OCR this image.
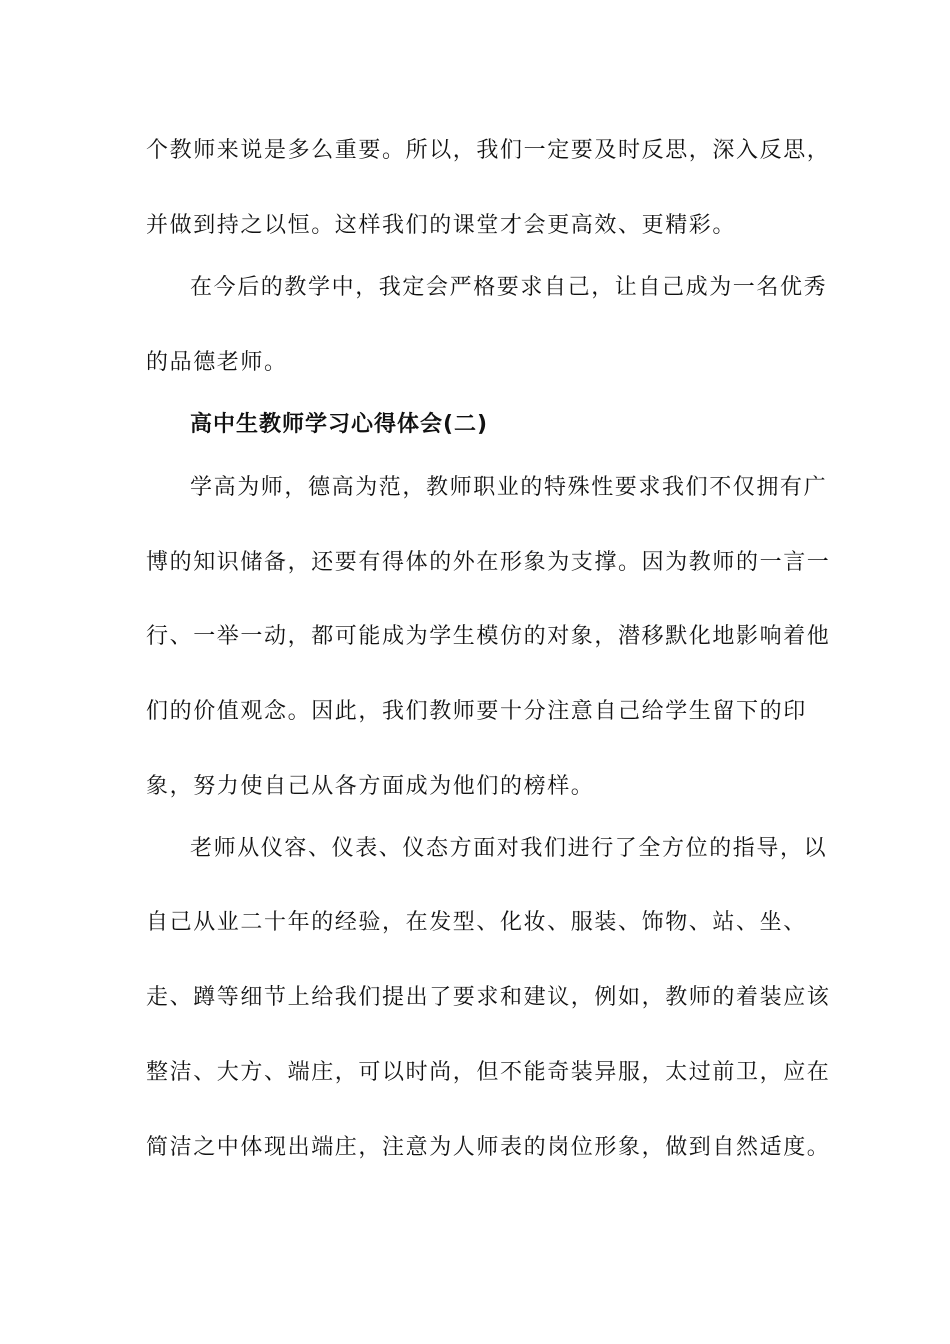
个教师来说是多么重要。所以，我们一定要及时反思，深入反思，
并做到持之以恒。这样我们的课堂才会更高效、更精彩。
在今后的教学中，我定会严格要求自己，让自己成为一名优秀
的品德老师。
高中生教师学习心得体会(二)
学高为师，德高为范，教师职业的特殊性要求我们不仅拥有广
博的知识储备，还要有得体的外在形象为支撑。因为教师的一言一
行、一举一动，都可能成为学生模仿的对象，潜移默化地影响着他
们的价值观念。因此，我们教师要十分注意自己给学生留下的印
象，努力使自己从各方面成为他们的榜样。
老师从仪容、仪表、仪态方面对我们进行了全方位的指导，以
自己从业二十年的经验，在发型、化妆、服装、饰物、站、坐、
走、蹲等细节上给我们提出了要求和建议，例如，教师的着装应该
整洁、大方、端庄，可以时尚，但不能奇装异服，太过前卫，应在
简洁之中体现出端庄，注意为人师表的岗位形象，做到自然适度。
